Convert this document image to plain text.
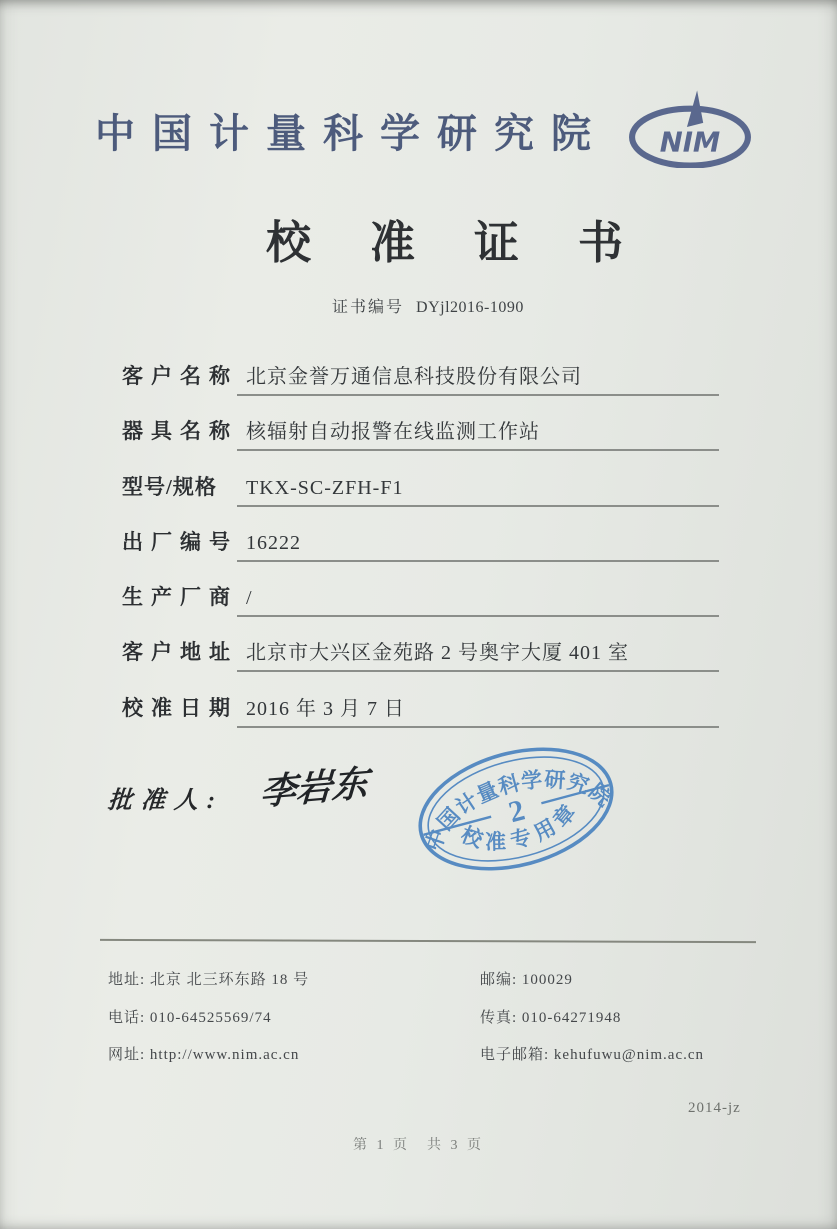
中国计量科学研究院 NIM
校准证书
证书编号 DYjl2016-1090
客户名称 北京金誉万通信息科技股份有限公司
器具名称 核辐射自动报警在线监测工作站
型号/规格 TKX-SC-ZFH-F1
出厂编号 16222
生产厂商 /
客户地址 北京市大兴区金苑路 2 号奥宇大厦 401 室
校准日期 2016 年 3 月 7 日
批准人: 李岩东
中国计量科学研究院
2
校准专用章
地址: 北京 北三环东路 18 号	邮编: 100029
电话: 010-64525569/74	传真: 010-64271948
网址: http://www.nim.ac.cn	电子邮箱: kehufuwu@nim.ac.cn
2014-jz
第 1 页　共 3 页
